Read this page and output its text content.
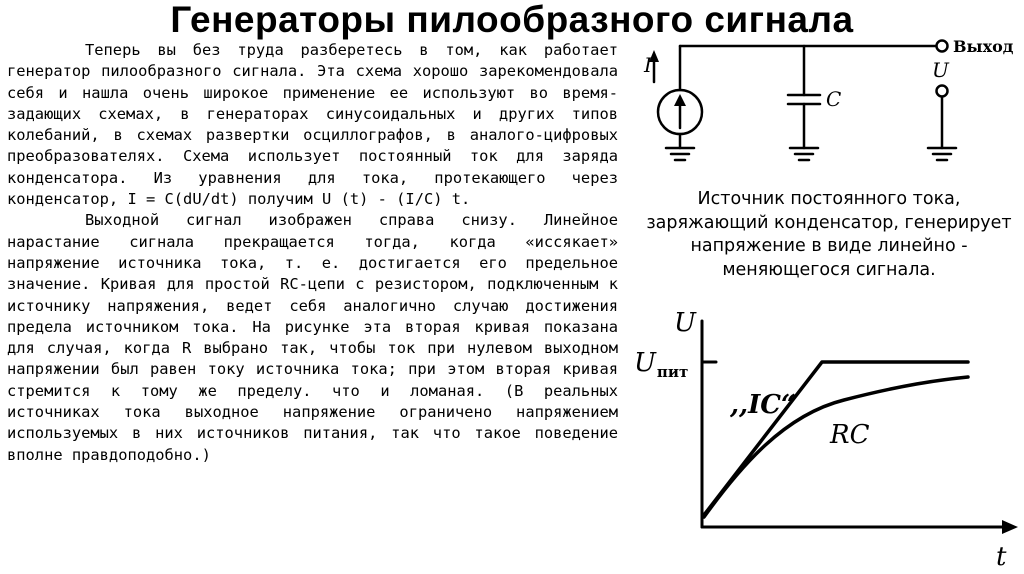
Генераторы пилообразного сигнала

Теперь вы без труда разберетесь в том, как работает генератор пилообразного сигнала. Эта схема хорошо зарекомендовала себя и нашла очень широкое применение ее используют во время-задающих схемах, в генераторах синусоидальных и других типов колебаний, в схемах развертки осциллографов, в аналого-цифровых преобразователях. Схема использует постоянный ток для заряда конденсатора. Из уравнения для тока, протекающего через конденсатор, I = C(dU/dt) получим U (t) - (I/C) t.

Выходной сигнал изображен справа снизу. Линейное нарастание сигнала прекращается тогда, когда «иссякает» напряжение источника тока, т. е. достигается его предельное значение. Кривая для простой RC-цепи с резистором, подключенным к источнику напряжения, ведет себя аналогично случаю достижения предела источником тока. На рисунке эта вторая кривая показана для случая, когда R выбрано так, чтобы ток при нулевом выходном напряжении был равен току источника тока; при этом вторая кривая стремится к тому же пределу. что и ломаная. (В реальных источниках тока выходное напряжение ограничено напряжением используемых в них источников питания, так что такое поведение вполне правдоподобно.)

I
C
Выход
U
Источник постоянного тока, заряжающий конденсатор, генерирует напряжение в виде линейно - меняющегося сигнала.
U
$U_{пит}$
t
,,IC“
RC
